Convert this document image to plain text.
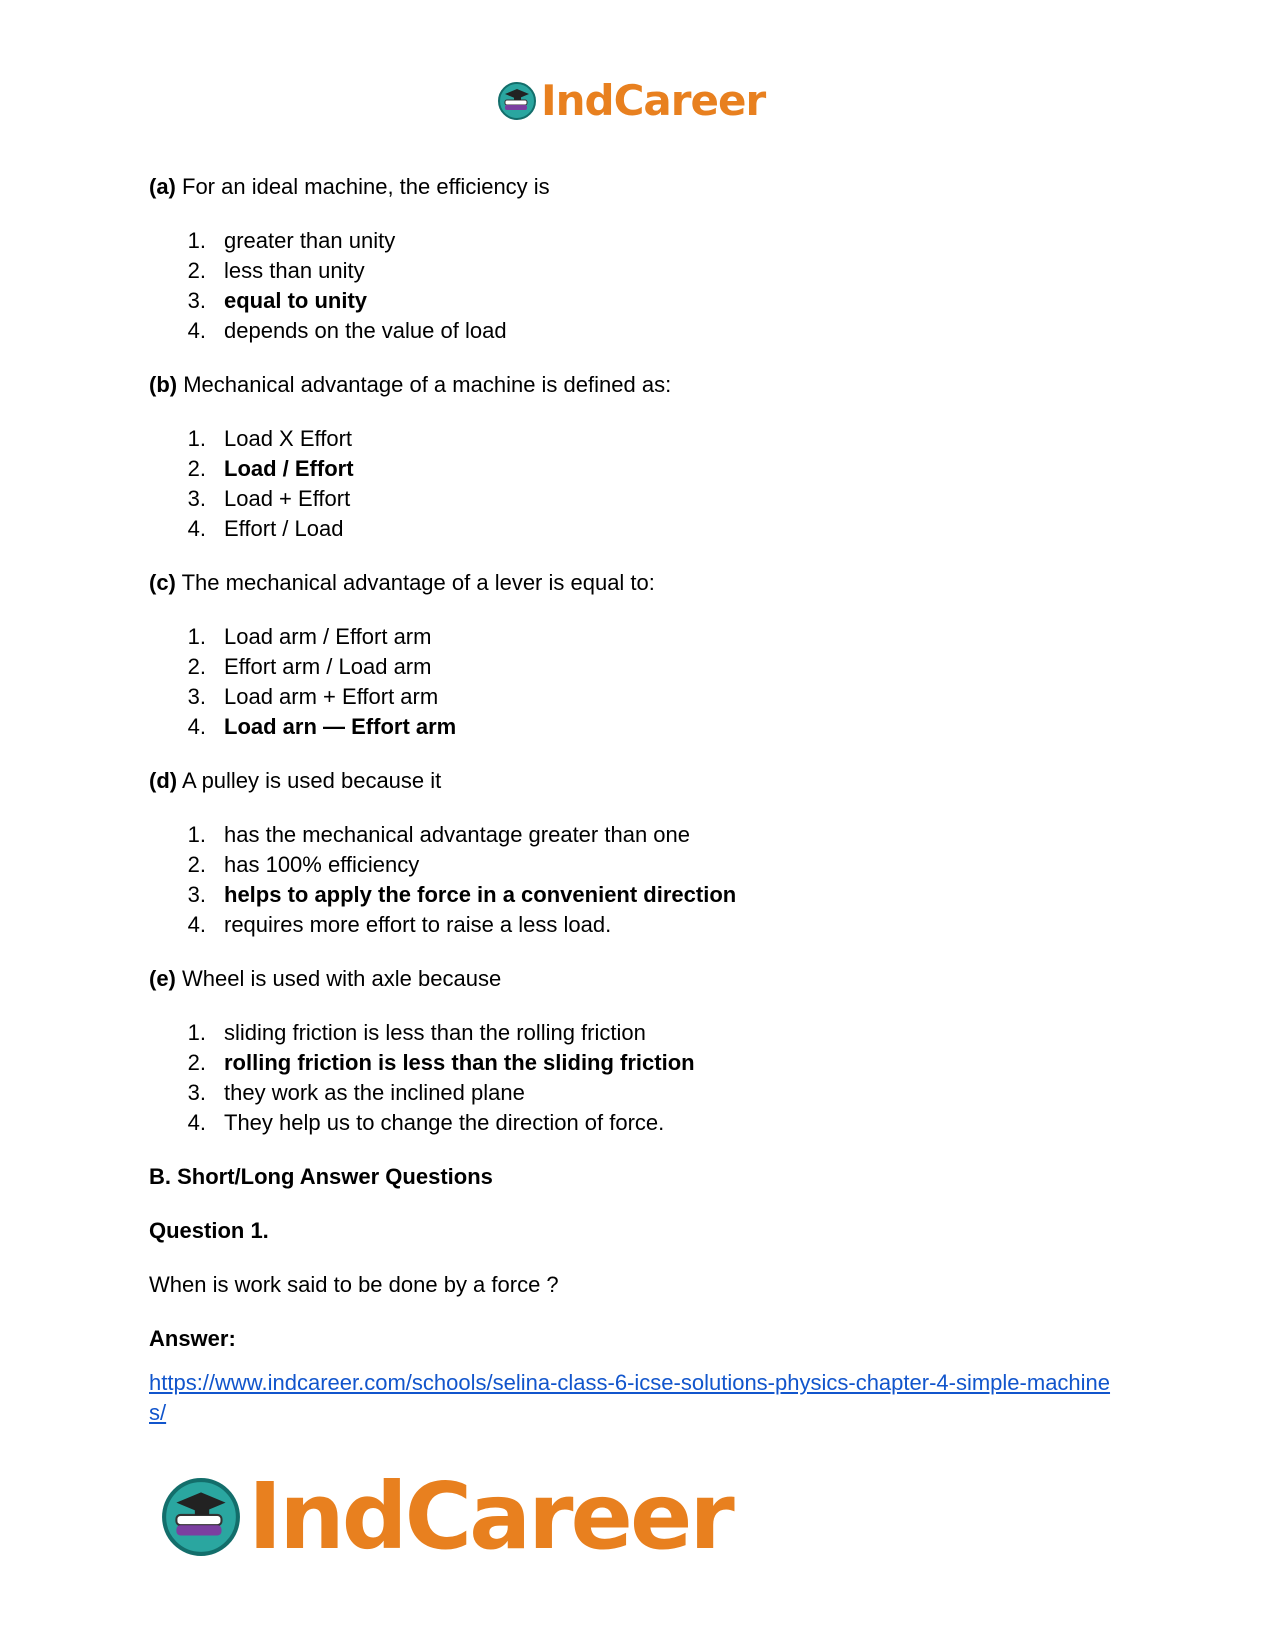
IndCareer

(a) For an ideal machine, the efficiency is

1. greater than unity
2. less than unity
3. equal to unity
4. depends on the value of load

(b) Mechanical advantage of a machine is defined as:

1. Load X Effort
2. Load / Effort
3. Load + Effort
4. Effort / Load

(c) The mechanical advantage of a lever is equal to:

1. Load arm / Effort arm
2. Effort arm / Load arm
3. Load arm + Effort arm
4. Load arn — Effort arm

(d) A pulley is used because it

1. has the mechanical advantage greater than one
2. has 100% efficiency
3. helps to apply the force in a convenient direction
4. requires more effort to raise a less load.

(e) Wheel is used with axle because

1. sliding friction is less than the rolling friction
2. rolling friction is less than the sliding friction
3. they work as the inclined plane
4. They help us to change the direction of force.

B. Short/Long Answer Questions

Question 1.

When is work said to be done by a force ?

Answer:

https://www.indcareer.com/schools/selina-class-6-icse-solutions-physics-chapter-4-simple-machines/
IndCareer
